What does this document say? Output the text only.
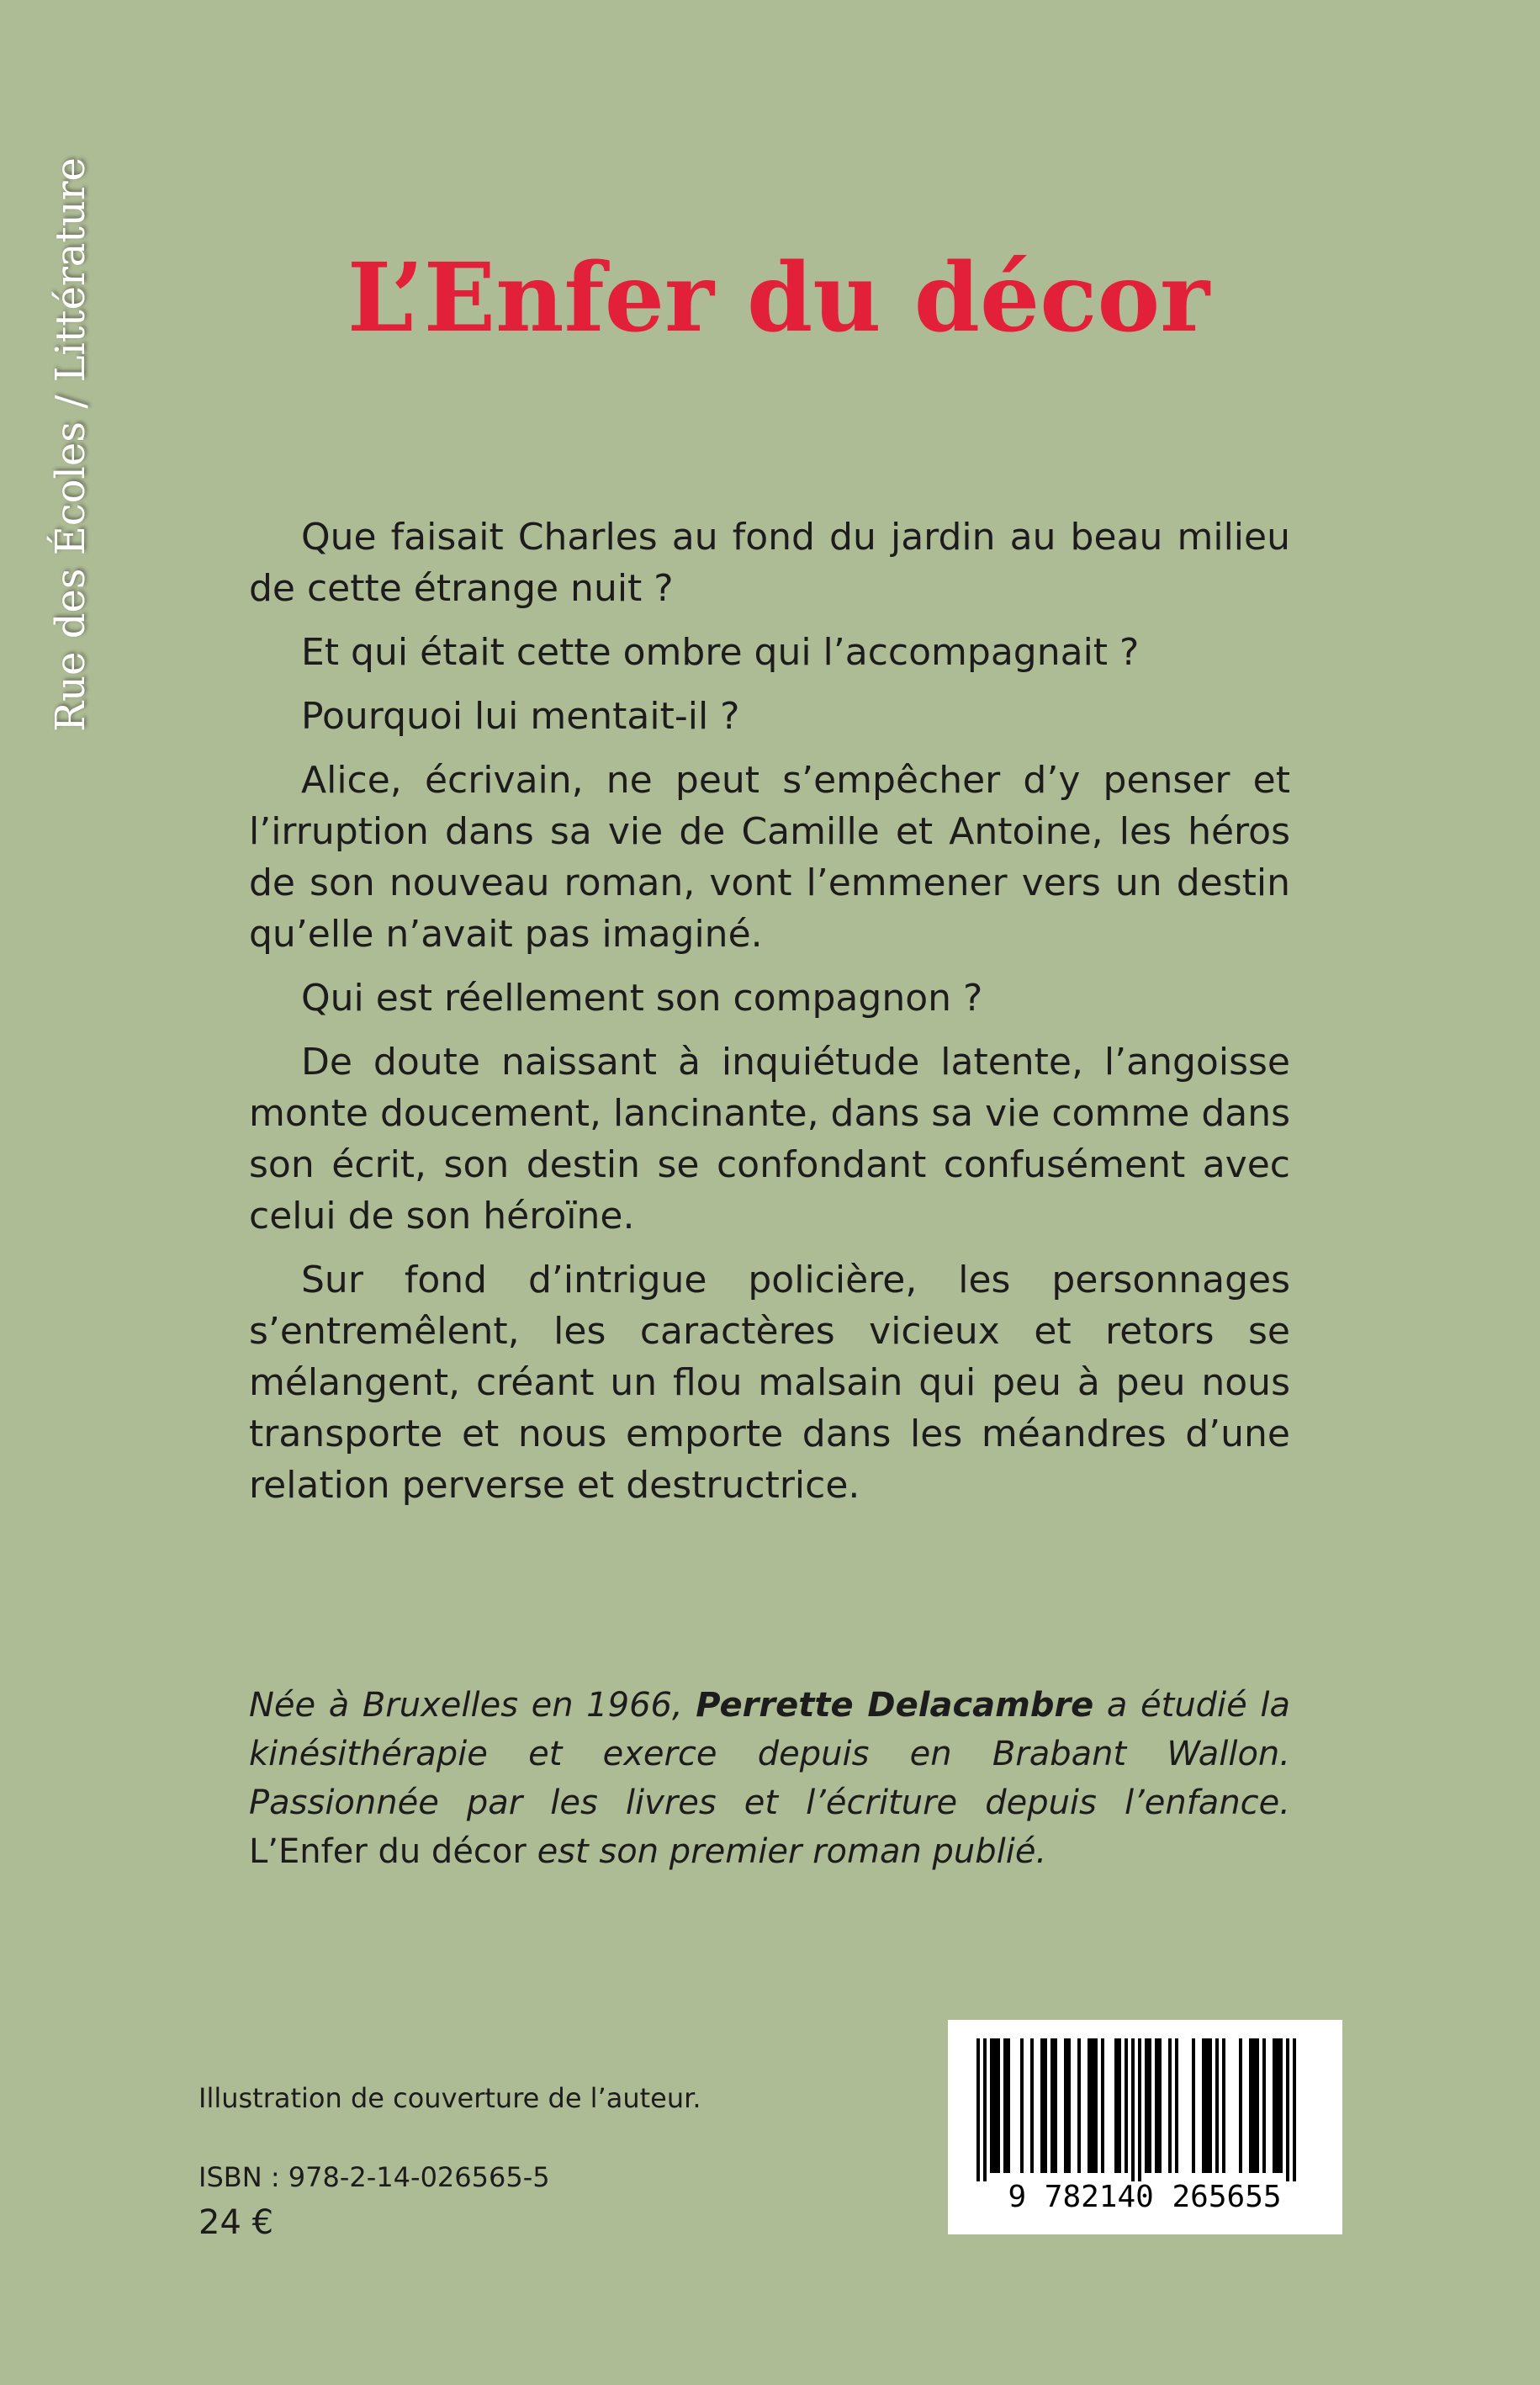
Rue des Écoles / Littérature	L’Enfer du décor

Que faisait Charles au fond du jardin au beau milieu de cette étrange nuit ?

Et qui était cette ombre qui l’accompagnait ?

Pourquoi lui mentait-il ?

Alice, écrivain, ne peut s’empêcher d’y penser et l’irruption dans sa vie de Camille et Antoine, les héros de son nouveau roman, vont l’emmener vers un destin qu’elle n’avait pas imaginé.

Qui est réellement son compagnon ?

De doute naissant à inquiétude latente, l’angoisse monte doucement, lancinante, dans sa vie comme dans son écrit, son destin se confondant confusément avec celui de son héroïne.

Sur fond d’intrigue policière, les personnages s’entremêlent, les caractères vicieux et retors se mélangent, créant un flou malsain qui peu à peu nous transporte et nous emporte dans les méandres d’une relation perverse et destructrice.

Née à Bruxelles en 1966, Perrette Delacambre a étudié la kinésithérapie et exerce depuis en Brabant Wallon. Passionnée par les livres et l’écriture depuis l’enfance. L’Enfer du décor est son premier roman publié.

Illustration de couverture de l’auteur.
ISBN : 978-2-14-026565-5
24 €
9 782140 265655
